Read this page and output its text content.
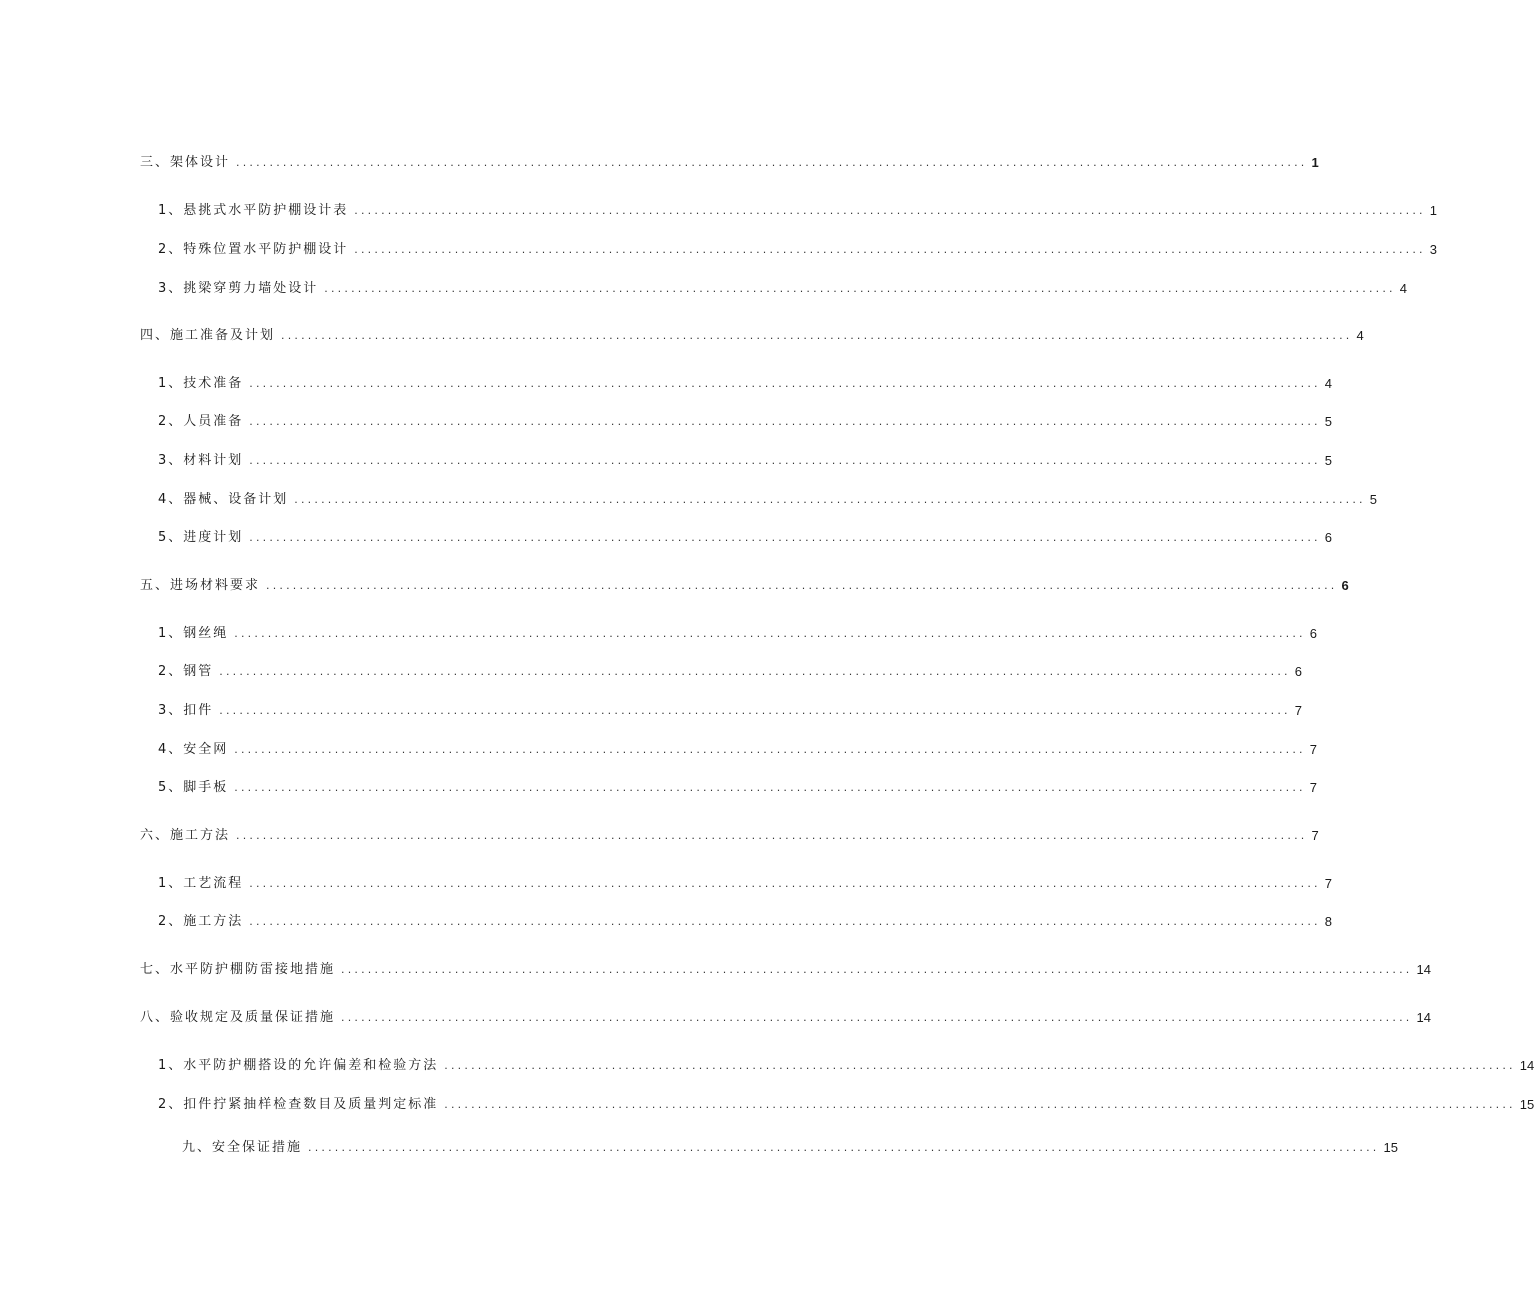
三、架体设计 ................................................................................................................................................................ 1
1、悬挑式水平防护棚设计表 ................................................................................................................................................................ 1
2、特殊位置水平防护棚设计 ................................................................................................................................................................ 3
3、挑梁穿剪力墙处设计 ................................................................................................................................................................ 4
四、施工准备及计划 ................................................................................................................................................................ 4
1、技术准备 ................................................................................................................................................................ 4
2、人员准备 ................................................................................................................................................................ 5
3、材料计划 ................................................................................................................................................................ 5
4、器械、设备计划 ................................................................................................................................................................ 5
5、进度计划 ................................................................................................................................................................ 6
五、进场材料要求 ................................................................................................................................................................ 6
1、钢丝绳 ................................................................................................................................................................ 6
2、钢管 ................................................................................................................................................................ 6
3、扣件 ................................................................................................................................................................ 7
4、安全网 ................................................................................................................................................................ 7
5、脚手板 ................................................................................................................................................................ 7
六、施工方法 ................................................................................................................................................................ 7
1、工艺流程 ................................................................................................................................................................ 7
2、施工方法 ................................................................................................................................................................ 8
七、水平防护棚防雷接地措施 ................................................................................................................................................................ 14
八、验收规定及质量保证措施 ................................................................................................................................................................ 14
1、水平防护棚搭设的允许偏差和检验方法 ................................................................................................................................................................ 14
2、扣件拧紧抽样检查数目及质量判定标准 ................................................................................................................................................................ 15
九、安全保证措施 ................................................................................................................................................................ 15
